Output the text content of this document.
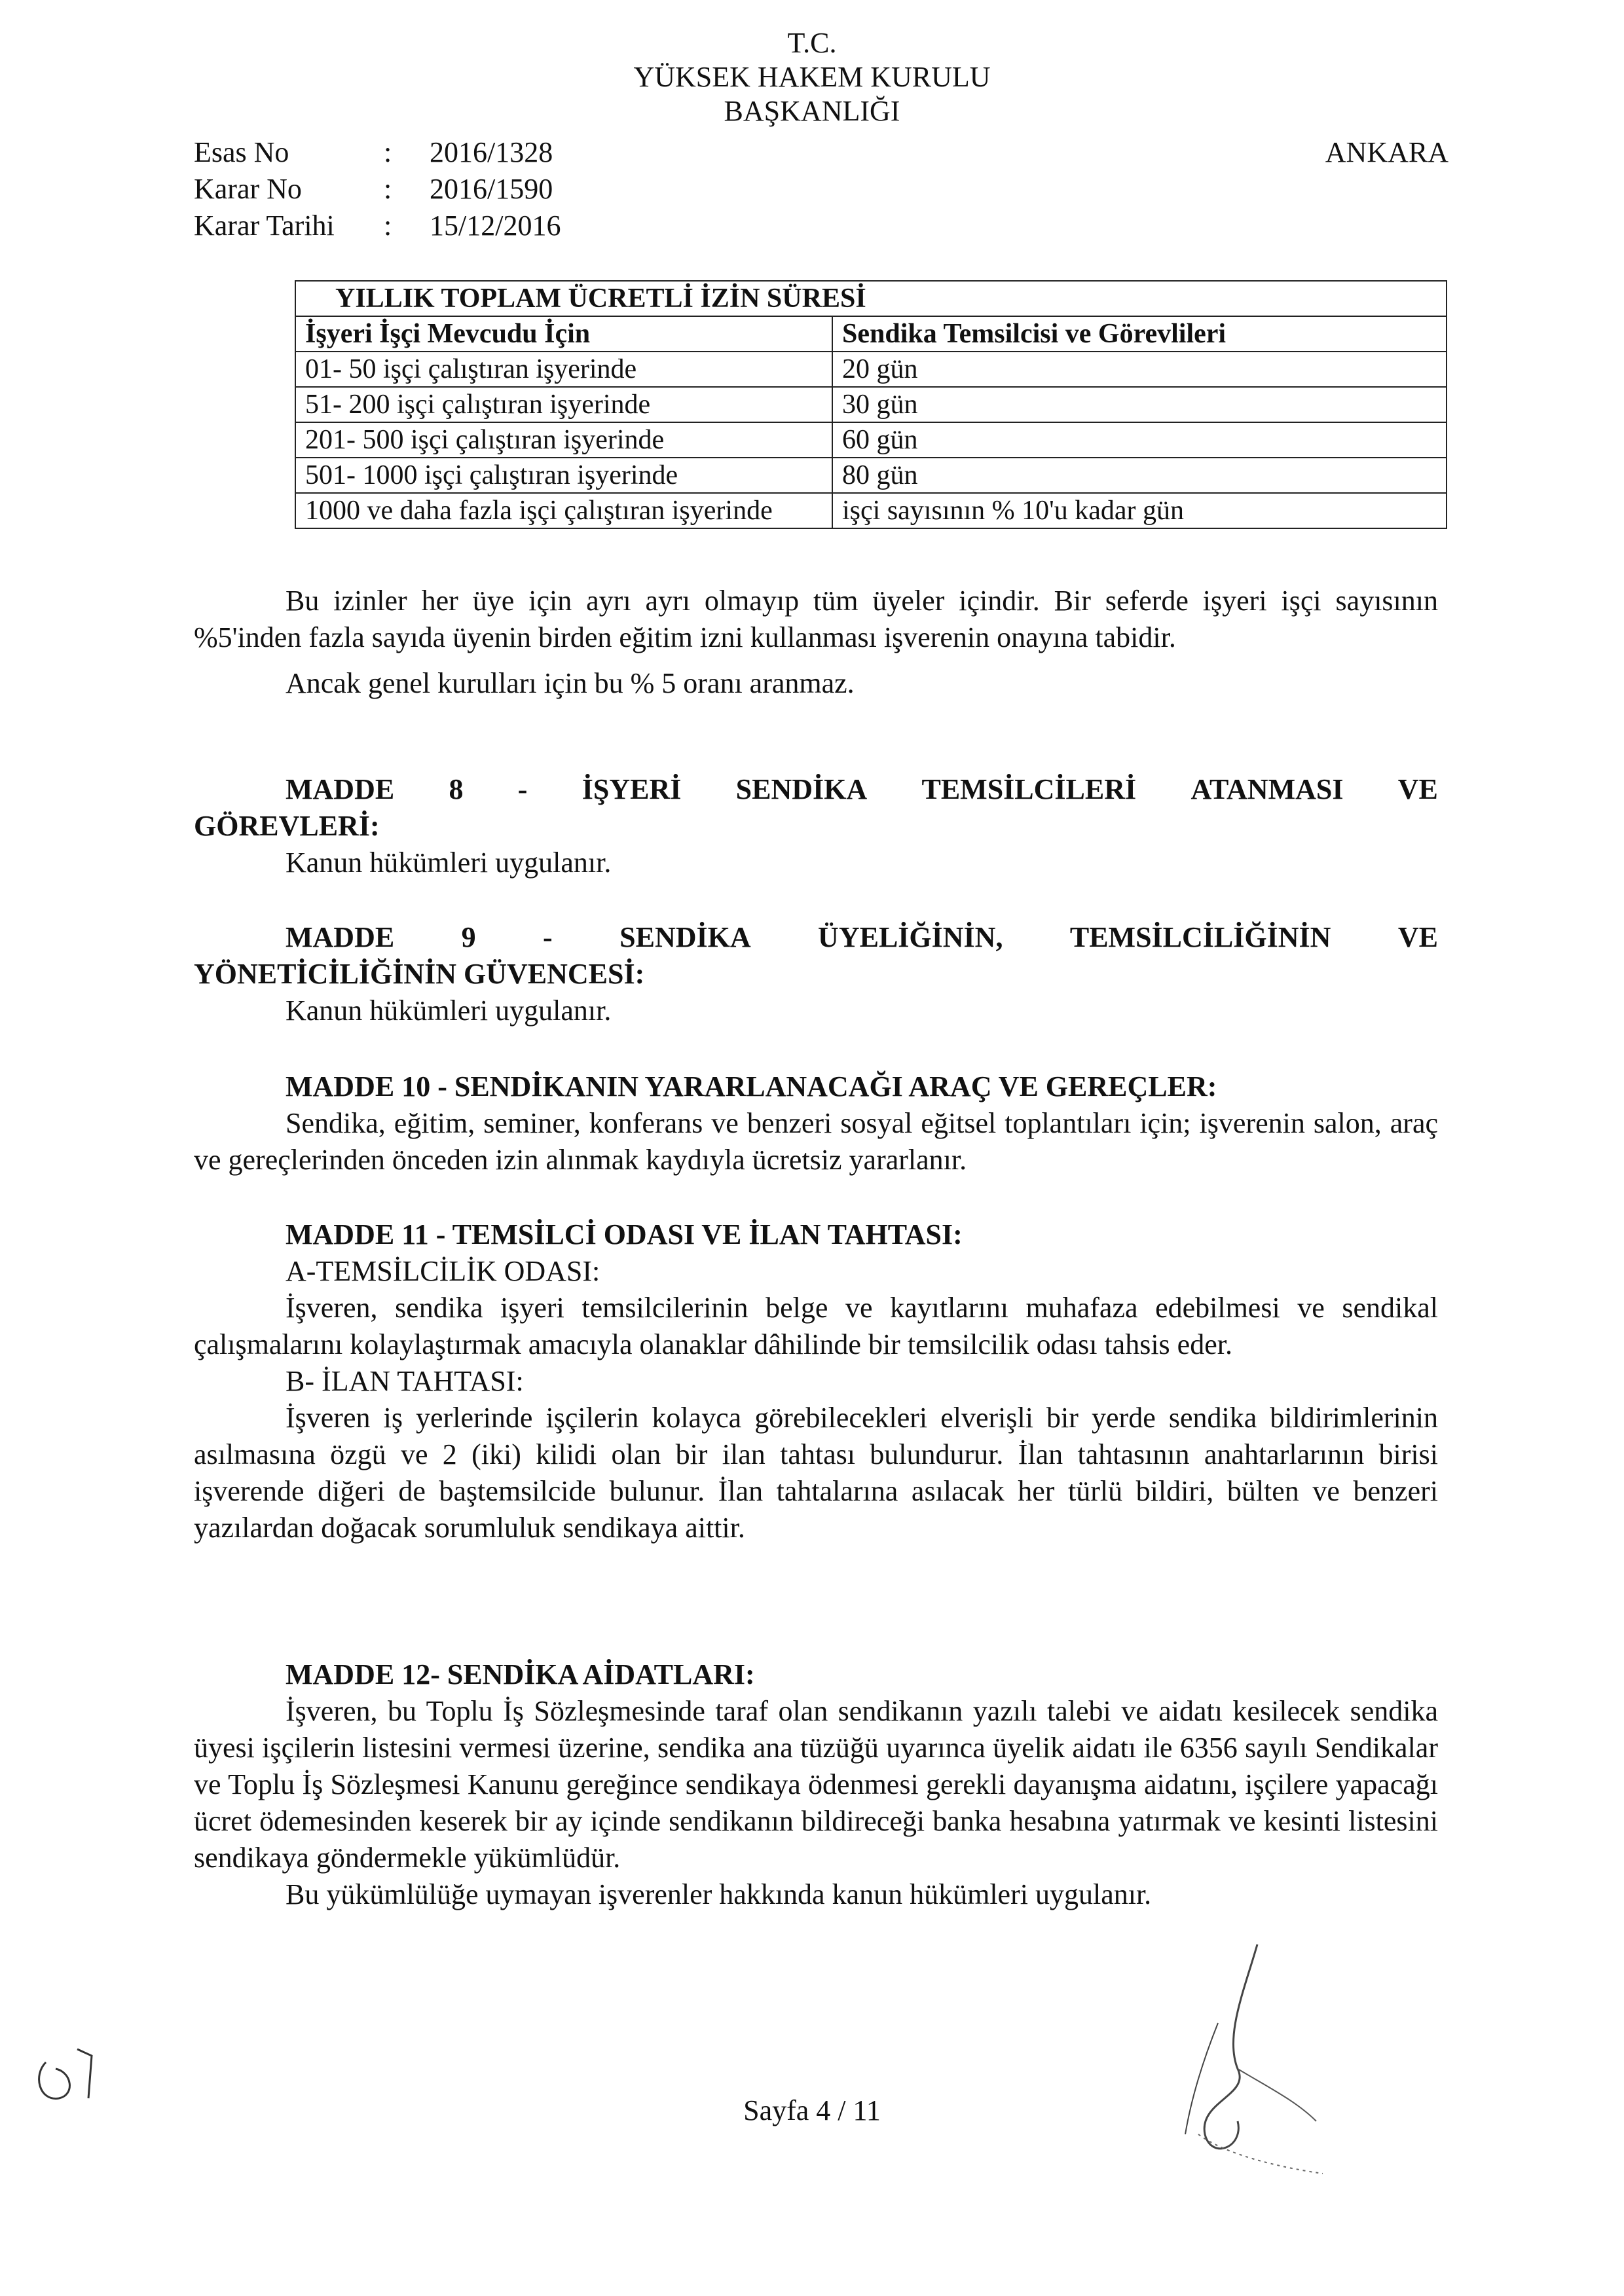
T.C.
YÜKSEK HAKEM KURULU
BAŞKANLIĞI
Esas No	:	2016/1328
Karar No	:	2016/1590
Karar Tarihi	:	15/12/2016
ANKARA
YILLIK TOPLAM ÜCRETLİ İZİN SÜRESİ	
İşyeri İşçi Mevcudu İçin	Sendika Temsilcisi ve Görevlileri
01- 50 işçi çalıştıran işyerinde	20 gün
51- 200 işçi çalıştıran işyerinde	30 gün
201- 500 işçi çalıştıran işyerinde	60 gün
501- 1000 işçi çalıştıran işyerinde	80 gün
1000 ve daha fazla işçi çalıştıran işyerinde	işçi sayısının % 10'u kadar gün

Bu izinler her üye için ayrı ayrı olmayıp tüm üyeler içindir. Bir seferde işyeri işçi sayısının %5'inden fazla sayıda üyenin birden eğitim izni kullanması işverenin onayına tabidir.

Ancak genel kurulları için bu % 5 oranı aranmaz.

MADDE 8 - İŞYERİ SENDİKA TEMSİLCİLERİ ATANMASI VE

GÖREVLERİ:

Kanun hükümleri uygulanır.

MADDE 9 - SENDİKA ÜYELİĞİNİN, TEMSİLCİLİĞİNİN VE

YÖNETİCİLİĞİNİN GÜVENCESİ:

Kanun hükümleri uygulanır.

MADDE 10 - SENDİKANIN YARARLANACAĞI ARAÇ VE GEREÇLER:

Sendika, eğitim, seminer, konferans ve benzeri sosyal eğitsel toplantıları için; işverenin salon, araç ve gereçlerinden önceden izin alınmak kaydıyla ücretsiz yararlanır.

MADDE 11 - TEMSİLCİ ODASI VE İLAN TAHTASI:

A-TEMSİLCİLİK ODASI:

İşveren, sendika işyeri temsilcilerinin belge ve kayıtlarını muhafaza edebilmesi ve sendikal çalışmalarını kolaylaştırmak amacıyla olanaklar dâhilinde bir temsilcilik odası tahsis eder.

B- İLAN TAHTASI:

İşveren iş yerlerinde işçilerin kolayca görebilecekleri elverişli bir yerde sendika bildirimlerinin asılmasına özgü ve 2 (iki) kilidi olan bir ilan tahtası bulundurur. İlan tahtasının anahtarlarının birisi işverende diğeri de baştemsilcide bulunur. İlan tahtalarına asılacak her türlü bildiri, bülten ve benzeri yazılardan doğacak sorumluluk sendikaya aittir.

MADDE 12- SENDİKA AİDATLARI:

İşveren, bu Toplu İş Sözleşmesinde taraf olan sendikanın yazılı talebi ve aidatı kesilecek sendika üyesi işçilerin listesini vermesi üzerine, sendika ana tüzüğü uyarınca üyelik aidatı ile 6356 sayılı Sendikalar ve Toplu İş Sözleşmesi Kanunu gereğince sendikaya ödenmesi gerekli dayanışma aidatını, işçilere yapacağı ücret ödemesinden keserek bir ay içinde sendikanın bildireceği banka hesabına yatırmak ve kesinti listesini sendikaya göndermekle yükümlüdür.

Bu yükümlülüğe uymayan işverenler hakkında kanun hükümleri uygulanır.

Sayfa 4 / 11
